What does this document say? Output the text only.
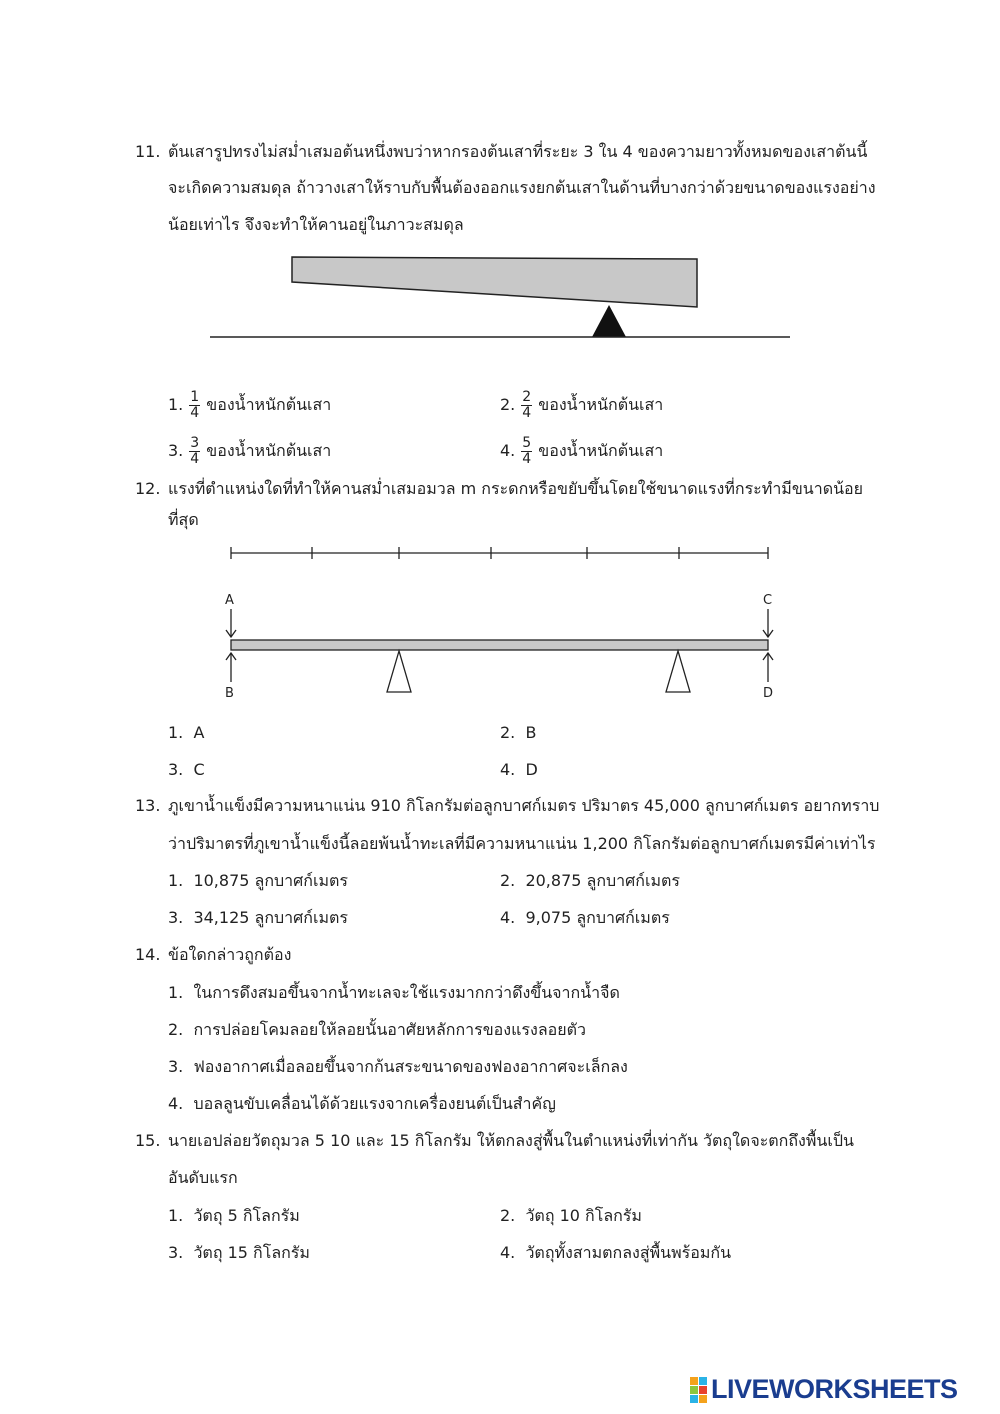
11. ต้นเสารูปทรงไม่สม่ำเสมอต้นหนึ่งพบว่าหากรองต้นเสาที่ระยะ 3 ใน 4 ของความยาวทั้งหมดของเสาต้นนี้
จะเกิดความสมดุล ถ้าวางเสาให้ราบกับพื้นต้องออกแรงยกต้นเสาในด้านที่บางกว่าด้วยขนาดของแรงอย่าง
น้อยเท่าไร จึงจะทำให้คานอยู่ในภาวะสมดุล
1. $\frac{1}{4}$ ของน้ำหนักต้นเสา	2. $\frac{2}{4}$ ของน้ำหนักต้นเสา
3. $\frac{3}{4}$ ของน้ำหนักต้นเสา	4. $\frac{5}{4}$ ของน้ำหนักต้นเสา
12. แรงที่ตำแหน่งใดที่ทำให้คานสม่ำเสมอมวล m กระดกหรือขยับขึ้นโดยใช้ขนาดแรงที่กระทำมีขนาดน้อย
ที่สุด
A
B
C
D
1. A	2. B
3. C	4. D
13. ภูเขาน้ำแข็งมีความหนาแน่น 910 กิโลกรัมต่อลูกบาศก์เมตร ปริมาตร 45,000 ลูกบาศก์เมตร อยากทราบ
ว่าปริมาตรที่ภูเขาน้ำแข็งนี้ลอยพ้นน้ำทะเลที่มีความหนาแน่น 1,200 กิโลกรัมต่อลูกบาศก์เมตรมีค่าเท่าไร
1. 10,875 ลูกบาศก์เมตร	2. 20,875 ลูกบาศก์เมตร
3. 34,125 ลูกบาศก์เมตร	4. 9,075 ลูกบาศก์เมตร
14. ข้อใดกล่าวถูกต้อง
1. ในการดึงสมอขึ้นจากน้ำทะเลจะใช้แรงมากกว่าดึงขึ้นจากน้ำจืด
2. การปล่อยโคมลอยให้ลอยนั้นอาศัยหลักการของแรงลอยตัว
3. ฟองอากาศเมื่อลอยขึ้นจากก้นสระขนาดของฟองอากาศจะเล็กลง
4. บอลลูนขับเคลื่อนได้ด้วยแรงจากเครื่องยนต์เป็นสำคัญ
15. นายเอปล่อยวัตถุมวล 5 10 และ 15 กิโลกรัม ให้ตกลงสู่พื้นในตำแหน่งที่เท่ากัน วัตถุใดจะตกถึงพื้นเป็น
อันดับแรก
1. วัตถุ 5 กิโลกรัม	2. วัตถุ 10 กิโลกรัม
3. วัตถุ 15 กิโลกรัม	4. วัตถุทั้งสามตกลงสู่พื้นพร้อมกัน
LIVEWORKSHEETS
